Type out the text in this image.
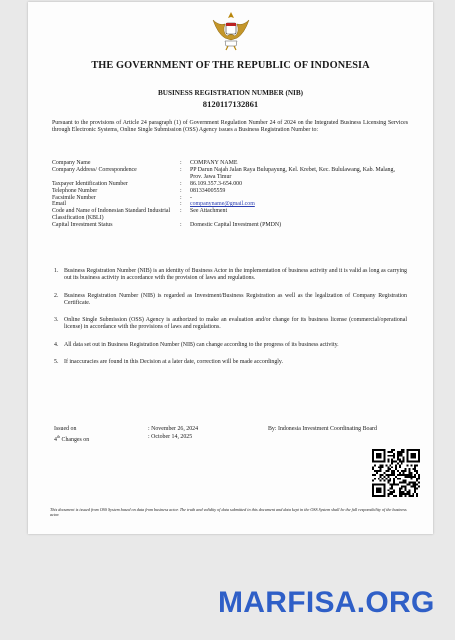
THE GOVERNMENT OF THE REPUBLIC OF INDONESIA
BUSINESS REGISTRATION NUMBER (NIB)
8120117132861
Pursuant to the provisions of Article 24 paragraph (1) of Government Regulation Number 24 of 2024 on the Integrated Business Licensing Services through Electronic Systems, Online Single Submission (OSS) Agency issues a Business Registration Number to:
Company Name	:	COMPANY NAME
Company Address/ Correspondence	:	PP Darun Najah Jalan Raya Bulupayung, Kel. Krebet, Kec. Bululawang, Kab. Malang, Prov. Jawa Timur
Taxpayer Identification Number	:	86.109.357.3-654.000
Telephone Number	:	081334005559
Facsimile Number	:	-
Email	:	companyname@gmail.com
Code and Name of Indonesian Standard Industrial Classification (KBLI)
:	See Attachment
Capital Investment Status	:	Domestic Capital Investment (PMDN)
1. Business Registration Number (NIB) is an identity of Business Actor in the implementation of business activity and it is valid as long as carrying out its business activity in accordance with the provision of laws and regulations.
2. Business Registration Number (NIB) is regarded as Investment/Business Registration as well as the legalization of Company Registration Certificate.
3. Online Single Submission (OSS) Agency is authorized to make an evaluation and/or change for its business license (commercial/operational license) in accordance with the provisions of laws and regulations.
4. All data set out in Business Registration Number (NIB) can change according to the progress of its business activity.
5. If inaccuracies are found in this Decision at a later date, correction will be made accordingly.
Issued on	: November 26, 2024	By: Indonesia Investment Coordinating Board
4th Changes on	: October 14, 2025
This document is issued from OSS System based on data from business actor. The truth and validity of data submitted in this document and data kept in the OSS System shall be the full responsibility of the business actor.
MARFISA.ORG
